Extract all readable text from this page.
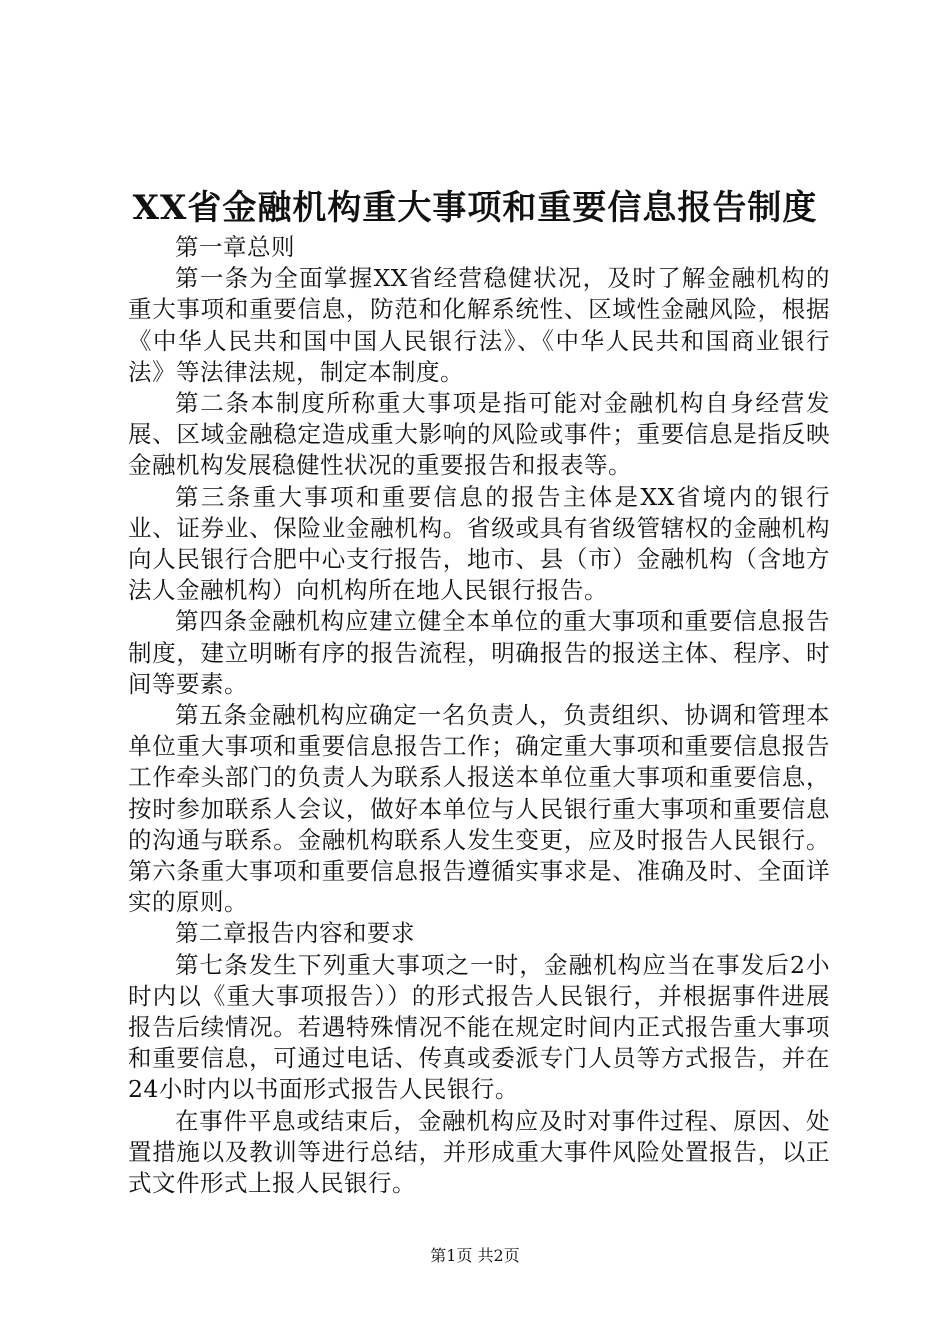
XX省金融机构重大事项和重要信息报告制度

第一章总则

第一条为全面掌握XX省经营稳健状况，及时了解金融机构的重大事项和重要信息，防范和化解系统性、区域性金融风险，根据《中华人民共和国中国人民银行法》、《中华人民共和国商业银行法》等法律法规，制定本制度。

第二条本制度所称重大事项是指可能对金融机构自身经营发展、区域金融稳定造成重大影响的风险或事件；重要信息是指反映金融机构发展稳健性状况的重要报告和报表等。

第三条重大事项和重要信息的报告主体是XX省境内的银行业、证券业、保险业金融机构。省级或具有省级管辖权的金融机构向人民银行合肥中心支行报告，地市、县（市）金融机构（含地方法人金融机构）向机构所在地人民银行报告。

第四条金融机构应建立健全本单位的重大事项和重要信息报告制度，建立明晰有序的报告流程，明确报告的报送主体、程序、时间等要素。

第五条金融机构应确定一名负责人，负责组织、协调和管理本单位重大事项和重要信息报告工作；确定重大事项和重要信息报告工作牵头部门的负责人为联系人报送本单位重大事项和重要信息，按时参加联系人会议，做好本单位与人民银行重大事项和重要信息的沟通与联系。金融机构联系人发生变更，应及时报告人民银行。第六条重大事项和重要信息报告遵循实事求是、准确及时、全面详实的原则。

第二章报告内容和要求

第七条发生下列重大事项之一时，金融机构应当在事发后2小时内以《重大事项报告））的形式报告人民银行，并根据事件进展报告后续情况。若遇特殊情况不能在规定时间内正式报告重大事项和重要信息，可通过电话、传真或委派专门人员等方式报告，并在24小时内以书面形式报告人民银行。

在事件平息或结束后，金融机构应及时对事件过程、原因、处置措施以及教训等进行总结，并形成重大事件风险处置报告，以正式文件形式上报人民银行。

第1页 共2页
